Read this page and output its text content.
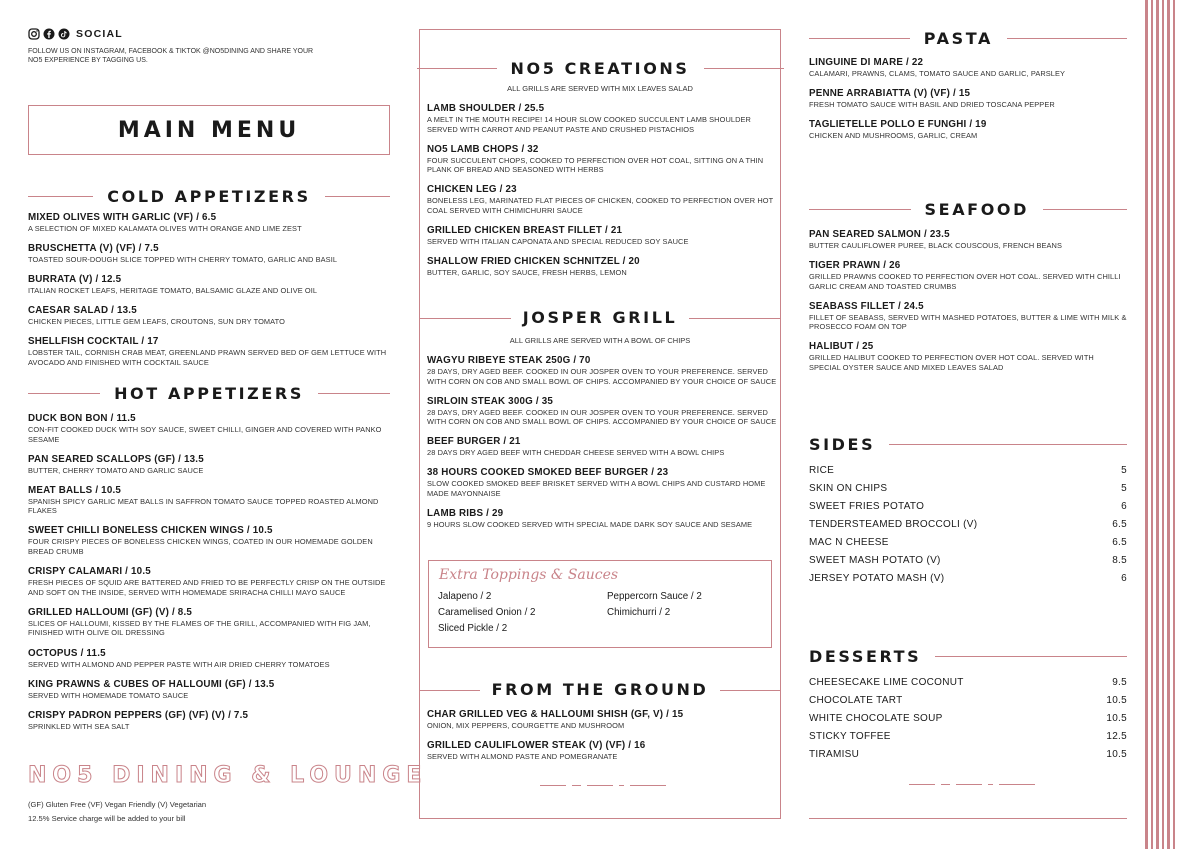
SOCIAL
FOLLOW US ON INSTAGRAM, FACEBOOK & TIKTOK @NO5DINING AND SHARE YOUR NO5 EXPERIENCE BY TAGGING US.
MAIN MENU
COLD APPETIZERS
MIXED OLIVES WITH GARLIC (VF) / 6.5
A SELECTION OF MIXED KALAMATA OLIVES WITH ORANGE AND LIME ZEST
BRUSCHETTA (V) (VF) / 7.5
TOASTED SOUR-DOUGH SLICE TOPPED WITH CHERRY TOMATO, GARLIC AND BASIL
BURRATA (V) / 12.5
ITALIAN ROCKET LEAFS, HERITAGE TOMATO, BALSAMIC GLAZE AND OLIVE OIL
CAESAR SALAD / 13.5
CHICKEN PIECES, LITTLE GEM LEAFS, CROUTONS, SUN DRY TOMATO
SHELLFISH COCKTAIL / 17
LOBSTER TAIL, CORNISH CRAB MEAT, GREENLAND PRAWN SERVED BED OF GEM LETTUCE WITH AVOCADO AND FINISHED WITH COCKTAIL SAUCE
HOT APPETIZERS
DUCK BON BON / 11.5
CON-FIT COOKED DUCK WITH SOY SAUCE, SWEET CHILLI, GINGER AND COVERED WITH PANKO SESAME
PAN SEARED SCALLOPS (GF) / 13.5
BUTTER, CHERRY TOMATO AND GARLIC SAUCE
MEAT BALLS / 10.5
SPANISH SPICY GARLIC MEAT BALLS IN SAFFRON TOMATO SAUCE TOPPED ROASTED ALMOND FLAKES
SWEET CHILLI BONELESS CHICKEN WINGS / 10.5
FOUR CRISPY PIECES OF BONELESS CHICKEN WINGS, COATED IN OUR HOMEMADE GOLDEN BREAD CRUMB
CRISPY CALAMARI / 10.5
FRESH PIECES OF SQUID ARE BATTERED AND FRIED TO BE PERFECTLY CRISP ON THE OUTSIDE AND SOFT ON THE INSIDE, SERVED WITH HOMEMADE SRIRACHA CHILLI MAYO SAUCE
GRILLED HALLOUMI (GF) (V) / 8.5
SLICES OF HALLOUMI, KISSED BY THE FLAMES OF THE GRILL, ACCOMPANIED WITH FIG JAM, FINISHED WITH OLIVE OIL DRESSING
OCTOPUS / 11.5
SERVED WITH ALMOND AND PEPPER PASTE WITH AIR DRIED CHERRY TOMATOES
KING PRAWNS & CUBES OF HALLOUMI (GF) / 13.5
SERVED WITH HOMEMADE TOMATO SAUCE
CRISPY PADRON PEPPERS (GF) (VF) (V) / 7.5
SPRINKLED WITH SEA SALT
NO5 DINING & LOUNGE
(GF) Gluten Free (VF) Vegan Friendly (V) Vegetarian
12.5% Service charge will be added to your bill
NO5 CREATIONS
ALL GRILLS ARE SERVED WITH MIX LEAVES SALAD
LAMB SHOULDER / 25.5
A MELT IN THE MOUTH RECIPE! 14 HOUR SLOW COOKED SUCCULENT LAMB SHOULDER SERVED WITH CARROT AND PEANUT PASTE AND CRUSHED PISTACHIOS
NO5 LAMB CHOPS / 32
FOUR SUCCULENT CHOPS, COOKED TO PERFECTION OVER HOT COAL, SITTING ON A THIN PLANK OF BREAD AND SEASONED WITH HERBS
CHICKEN LEG / 23
BONELESS LEG, MARINATED FLAT PIECES OF CHICKEN, COOKED TO PERFECTION OVER HOT COAL SERVED WITH CHIMICHURRI SAUCE
GRILLED CHICKEN BREAST FILLET / 21
SERVED WITH ITALIAN CAPONATA AND SPECIAL REDUCED SOY SAUCE
SHALLOW FRIED CHICKEN SCHNITZEL / 20
BUTTER, GARLIC, SOY SAUCE, FRESH HERBS, LEMON
JOSPER GRILL
ALL GRILLS ARE SERVED WITH A BOWL OF CHIPS
WAGYU RIBEYE STEAK 250G / 70
28 DAYS, DRY AGED BEEF. COOKED IN OUR JOSPER OVEN TO YOUR PREFERENCE. SERVED WITH CORN ON COB AND SMALL BOWL OF CHIPS. ACCOMPANIED BY YOUR CHOICE OF SAUCE
SIRLOIN STEAK 300G / 35
28 DAYS, DRY AGED BEEF. COOKED IN OUR JOSPER OVEN TO YOUR PREFERENCE. SERVED WITH CORN ON COB AND SMALL BOWL OF CHIPS. ACCOMPANIED BY YOUR CHOICE OF SAUCE
BEEF BURGER / 21
28 DAYS DRY AGED BEEF WITH CHEDDAR CHEESE SERVED WITH A BOWL CHIPS
38 HOURS COOKED SMOKED BEEF BURGER / 23
SLOW COOKED SMOKED BEEF BRISKET SERVED WITH A BOWL CHIPS AND CUSTARD HOME MADE MAYONNAISE
LAMB RIBS / 29
9 HOURS SLOW COOKED SERVED WITH SPECIAL MADE DARK SOY SAUCE AND SESAME
Extra Toppings & Sauces
Jalapeno / 2	Peppercorn Sauce / 2
Caramelised Onion / 2	Chimichurri / 2
Sliced Pickle / 2
FROM THE GROUND
CHAR GRILLED VEG & HALLOUMI SHISH (GF, V) / 15
ONION, MIX PEPPERS, COURGETTE AND MUSHROOM
GRILLED CAULIFLOWER STEAK (V) (VF) / 16
SERVED WITH ALMOND PASTE AND POMEGRANATE
PASTA
LINGUINE DI MARE / 22
CALAMARI, PRAWNS, CLAMS, TOMATO SAUCE AND GARLIC, PARSLEY
PENNE ARRABIATTA (V) (VF) / 15
FRESH TOMATO SAUCE WITH BASIL AND DRIED TOSCANA PEPPER
TAGLIETELLE POLLO E FUNGHI / 19
CHICKEN AND MUSHROOMS, GARLIC, CREAM
SEAFOOD
PAN SEARED SALMON / 23.5
BUTTER CAULIFLOWER PUREE, BLACK COUSCOUS, FRENCH BEANS
TIGER PRAWN / 26
GRILLED PRAWNS COOKED TO PERFECTION OVER HOT COAL. SERVED WITH CHILLI GARLIC CREAM AND TOASTED CRUMBS
SEABASS FILLET / 24.5
FILLET OF SEABASS, SERVED WITH MASHED POTATOES, BUTTER & LIME WITH MILK & PROSECCO FOAM ON TOP
HALIBUT / 25
GRILLED HALIBUT COOKED TO PERFECTION OVER HOT COAL. SERVED WITH SPECIAL OYSTER SAUCE AND MIXED LEAVES SALAD
SIDES
RICE	5
SKIN ON CHIPS	5
SWEET FRIES POTATO	6
TENDERSTEAMED BROCCOLI (V)	6.5
MAC N CHEESE	6.5
SWEET MASH POTATO (V)	8.5
JERSEY POTATO MASH (V)	6
DESSERTS
CHEESECAKE LIME COCONUT	9.5
CHOCOLATE TART	10.5
WHITE CHOCOLATE SOUP	10.5
STICKY TOFFEE	12.5
TIRAMISU	10.5
